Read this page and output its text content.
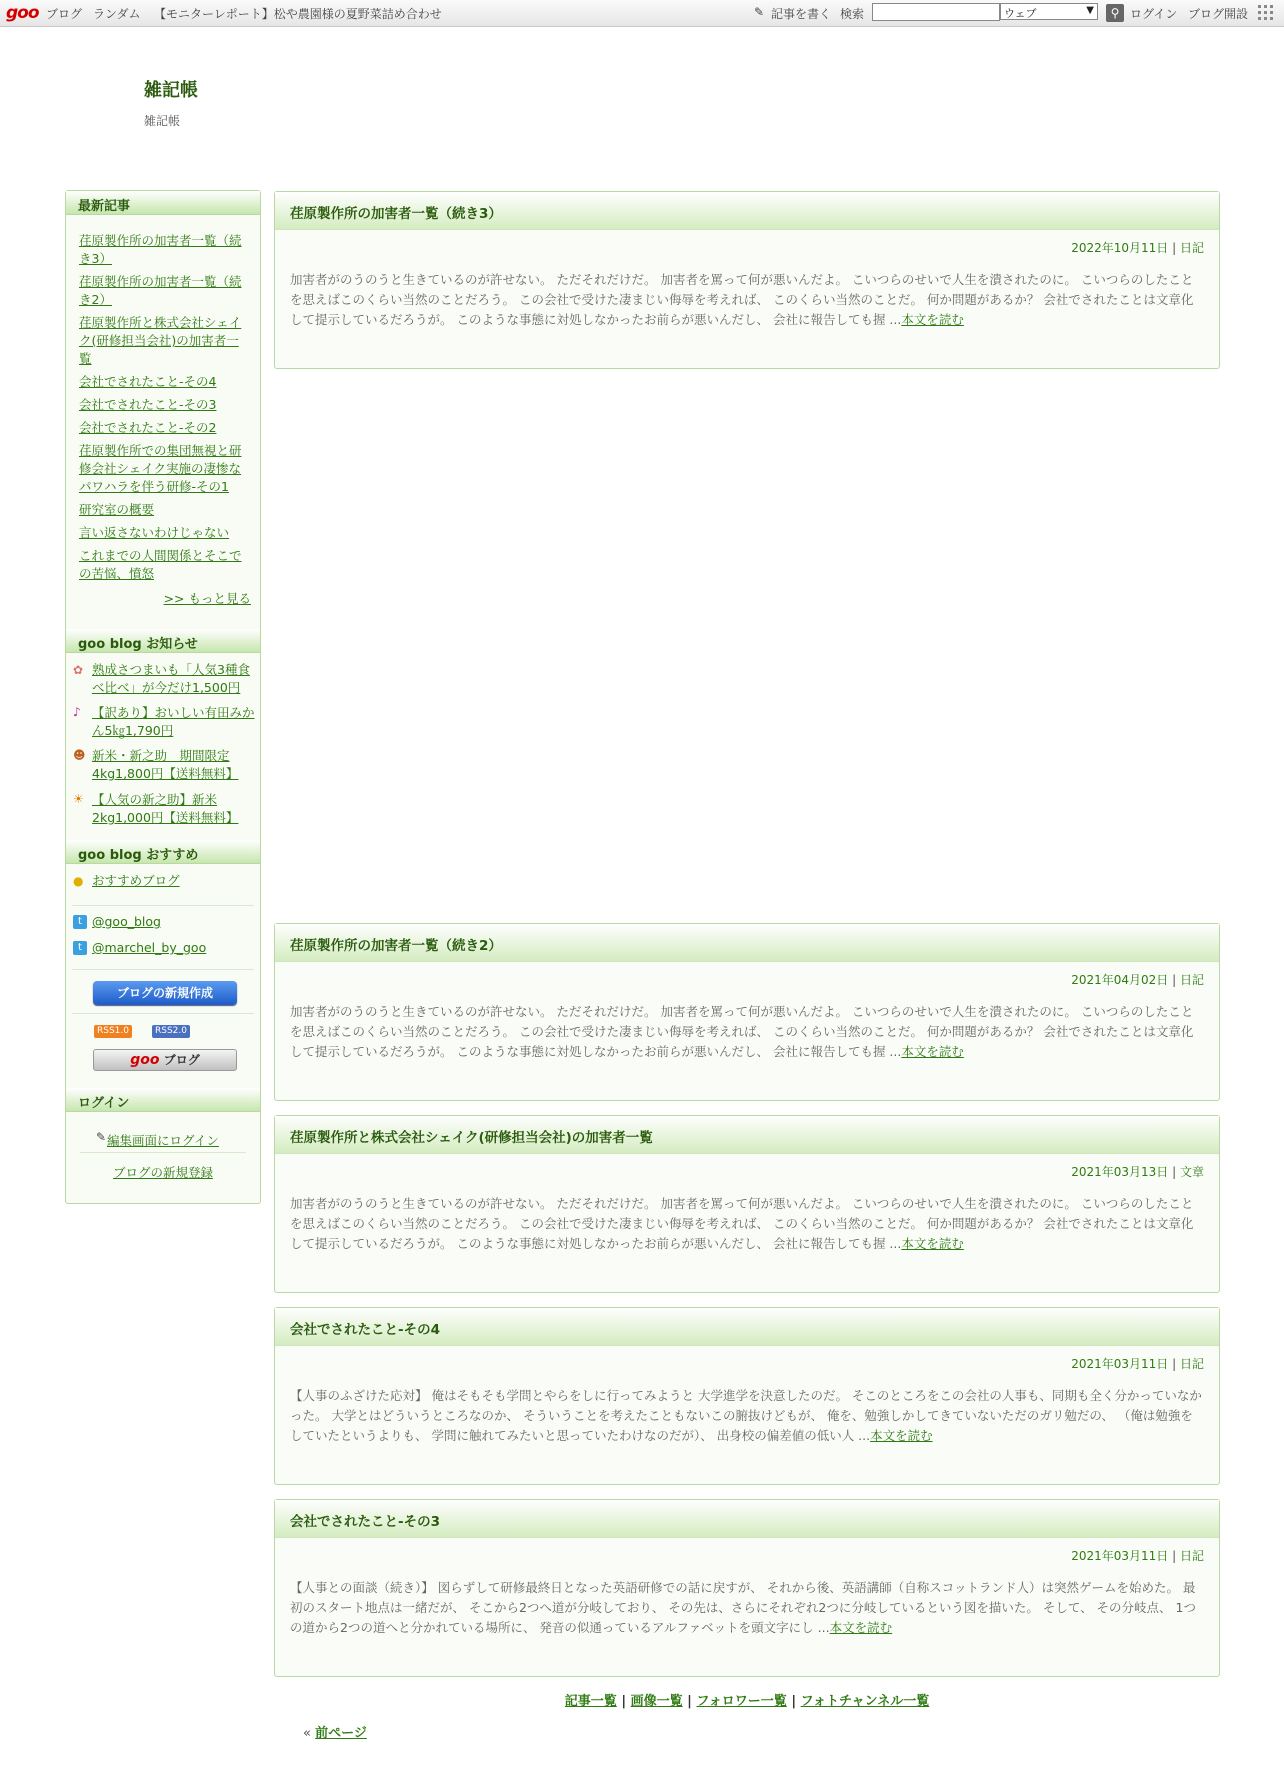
goo ブログ ランダム 【モニターレポート】松や農園様の夏野菜詰め合わせ	✎ 記事を書く 検索	ウェブ	▼	⚲ ログイン ブログ開設
雑記帳
雑記帳
最新記事
荏原製作所の加害者一覧（続き3）
荏原製作所の加害者一覧（続き2）
荏原製作所と株式会社シェイク(研修担当会社)の加害者一覧
会社でされたこと-その4
会社でされたこと-その3
会社でされたこと-その2
荏原製作所での集団無視と研修会社シェイク実施の凄惨なパワハラを伴う研修-その1
研究室の概要
言い返さないわけじゃない
これまでの人間関係とそこでの苦悩、憤怒
>> もっと見る
goo blog お知らせ
✿ 熟成さつまいも「人気3種食べ比べ」が今だけ1,500円
♪ 【訳あり】おいしい有田みかん5㎏1,790円
☻ 新米・新之助　期間限定4kg1,800円【送料無料】
☀ 【人気の新之助】新米2kg1,000円【送料無料】
goo blog おすすめ
● おすすめブログ
t @goo_blog
t @marchel_by_goo
ブログの新規作成
RSS1.0	RSS2.0
goo ブログ
ログイン
✎ 編集画面にログイン
ブログの新規登録
荏原製作所の加害者一覧（続き3）
2022年10月11日 | 日記
加害者がのうのうと生きているのが許せない。 ただそれだけだ。 加害者を罵って何が悪いんだよ。 こいつらのせいで人生を潰されたのに。 こいつらのしたことを思えばこのくらい当然のことだろう。 この会社で受けた凄まじい侮辱を考えれば、 このくらい当然のことだ。 何か問題があるか？ 会社でされたことは文章化して提示しているだろうが。 このような事態に対処しなかったお前らが悪いんだし、 会社に報告しても握 ...本文を読む
荏原製作所の加害者一覧（続き2）
2021年04月02日 | 日記
加害者がのうのうと生きているのが許せない。 ただそれだけだ。 加害者を罵って何が悪いんだよ。 こいつらのせいで人生を潰されたのに。 こいつらのしたことを思えばこのくらい当然のことだろう。 この会社で受けた凄まじい侮辱を考えれば、 このくらい当然のことだ。 何か問題があるか？ 会社でされたことは文章化して提示しているだろうが。 このような事態に対処しなかったお前らが悪いんだし、 会社に報告しても握 ...本文を読む
荏原製作所と株式会社シェイク(研修担当会社)の加害者一覧
2021年03月13日 | 文章
加害者がのうのうと生きているのが許せない。 ただそれだけだ。 加害者を罵って何が悪いんだよ。 こいつらのせいで人生を潰されたのに。 こいつらのしたことを思えばこのくらい当然のことだろう。 この会社で受けた凄まじい侮辱を考えれば、 このくらい当然のことだ。 何か問題があるか？ 会社でされたことは文章化して提示しているだろうが。 このような事態に対処しなかったお前らが悪いんだし、 会社に報告しても握 ...本文を読む
会社でされたこと-その4
2021年03月11日 | 日記
【人事のふざけた応対】 俺はそもそも学問とやらをしに行ってみようと 大学進学を決意したのだ。 そこのところをこの会社の人事も、同期も全く分かっていなかった。 大学とはどういうところなのか、 そういうことを考えたこともないこの腑抜けどもが、 俺を、勉強しかしてきていないただのガリ勉だの、 （俺は勉強をしていたというよりも、 学問に触れてみたいと思っていたわけなのだが）、 出身校の偏差値の低い人 ...本文を読む
会社でされたこと-その3
2021年03月11日 | 日記
【人事との面談（続き）】 図らずして研修最終日となった英語研修での話に戻すが、 それから後、英語講師（自称スコットランド人）は突然ゲームを始めた。 最初のスタート地点は一緒だが、 そこから2つへ道が分岐しており、 その先は、さらにそれぞれ2つに分岐しているという図を描いた。 そして、 その分岐点、 1つの道から2つの道へと分かれている場所に、 発音の似通っているアルファベットを頭文字にし ...本文を読む
記事一覧 | 画像一覧 | フォロワー一覧 | フォトチャンネル一覧
« 前ページ
